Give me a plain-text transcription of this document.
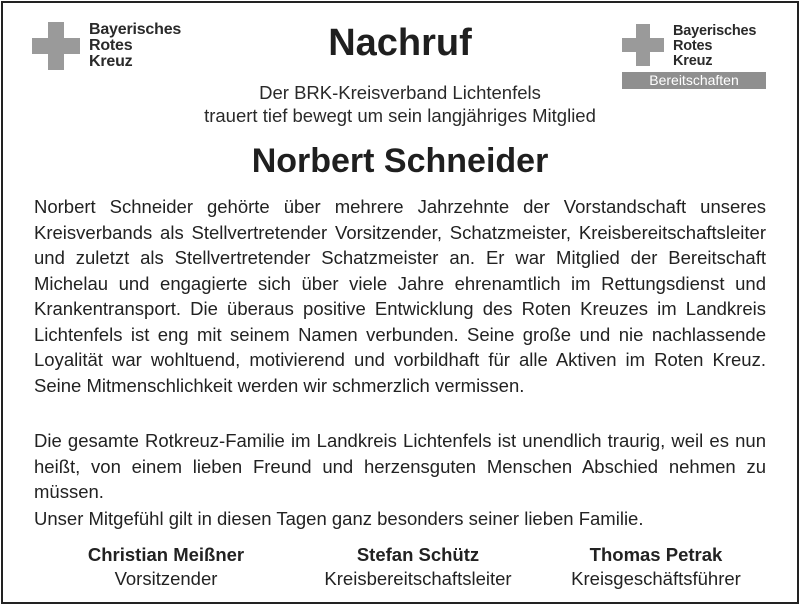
Bayerisches
Rotes
Kreuz	Nachruf	Bayerisches
Rotes
Kreuz
Bereitschaften
Der BRK-Kreisverband Lichtenfels
trauert tief bewegt um sein langjähriges Mitglied
Norbert Schneider
Norbert Schneider gehörte über mehrere Jahrzehnte der Vorstandschaft unseres Kreisverbands als Stellvertretender Vorsitzender, Schatzmeister, Kreisbereitschaftsleiter und zuletzt als Stellvertretender Schatzmeister an. Er war Mitglied der Bereitschaft Michelau und engagierte sich über viele Jahre ehrenamtlich im Rettungsdienst und Krankentransport. Die überaus positive Entwicklung des Roten Kreuzes im Landkreis Lichtenfels ist eng mit seinem Namen verbunden. Seine große und nie nachlassende Loyalität war wohltuend, motivierend und vorbildhaft für alle Aktiven im Roten Kreuz. Seine Mitmenschlichkeit werden wir schmerzlich vermissen.
Die gesamte Rotkreuz-Familie im Landkreis Lichtenfels ist unendlich traurig, weil es nun heißt, von einem lieben Freund und herzensguten Menschen Abschied nehmen zu müssen.
Unser Mitgefühl gilt in diesen Tagen ganz besonders seiner lieben Familie.
Christian Meißner
Vorsitzender
Stefan Schütz
Kreisbereitschaftsleiter
Thomas Petrak
Kreisgeschäftsführer
